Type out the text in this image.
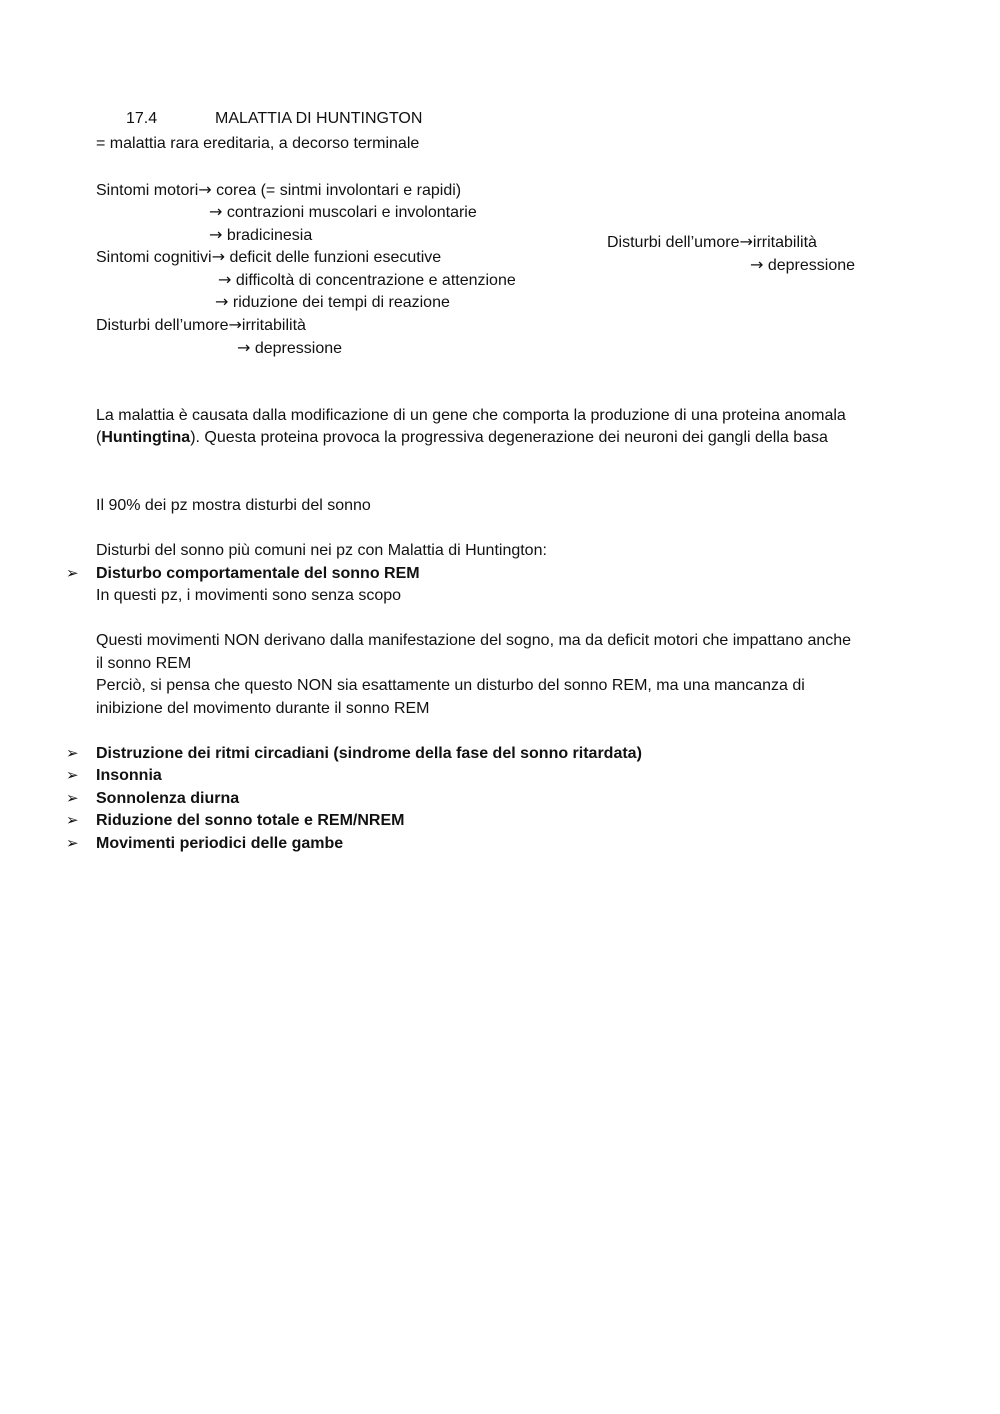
17.4	MALATTIA DI HUNTINGTON
= malattia rara ereditaria, a decorso terminale
Sintomi motori→ corea (= sintmi involontari e rapidi)
→ contrazioni muscolari e involontarie
→ bradicinesia
Sintomi cognitivi→ deficit delle funzioni esecutive
→ difficoltà di concentrazione e attenzione
→ riduzione dei tempi di reazione
Disturbi dell’umore→irritabilità
→ depressione
Disturbi dell’umore→irritabilità
→ depressione
La malattia è causata dalla modificazione di un gene che comporta la produzione di una proteina anomala
(Huntingtina). Questa proteina provoca la progressiva degenerazione dei neuroni dei gangli della basa
Il 90% dei pz mostra disturbi del sonno
Disturbi del sonno più comuni nei pz con Malattia di Huntington:
➢ Disturbo comportamentale del sonno REM
In questi pz, i movimenti sono senza scopo
Questi movimenti NON derivano dalla manifestazione del sogno, ma da deficit motori che impattano anche
il sonno REM
Perciò, si pensa che questo NON sia esattamente un disturbo del sonno REM, ma una mancanza di
inibizione del movimento durante il sonno REM
➢ Distruzione dei ritmi circadiani (sindrome della fase del sonno ritardata)
➢ Insonnia
➢ Sonnolenza diurna
➢ Riduzione del sonno totale e REM/NREM
➢ Movimenti periodici delle gambe
